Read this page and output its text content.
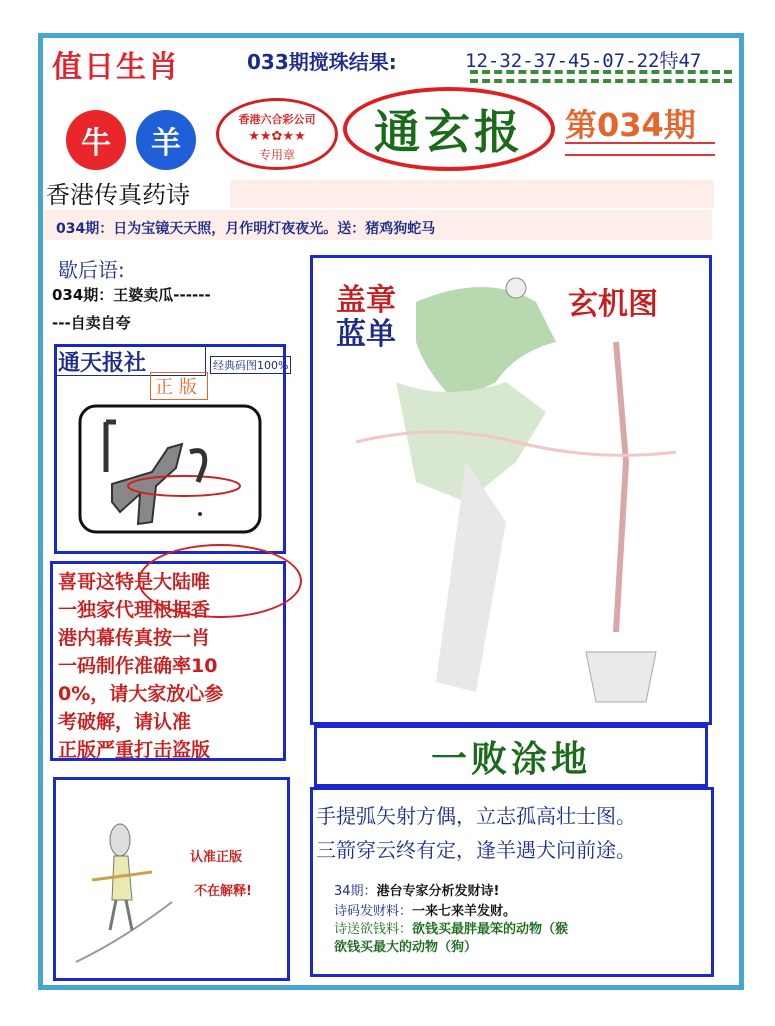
值日生肖	033期搅珠结果:	12-32-37-45-07-22特47
牛	羊
香港六合彩公司
★★✿★★
专用章	通玄报 第034期
香港传真药诗
034期：日为宝镜天天照，月作明灯夜夜光。送：猪鸡狗蛇马
歇后语:
034期：王婆卖瓜------
---自卖自夸
通天报社	经典码图100%
正版
喜哥这特是大陆唯
一独家代理根据香
港内幕传真按一肖
一码制作准确率10
0%，请大家放心参
考破解，请认准
正版严重打击盗版
认准正版
不在解释!
盖章
蓝单
玄机图
一败涂地
手提弧矢射方偶，立志孤高壮士图。
三箭穿云终有定，逢羊遇犬问前途。
34期：港台专家分析发财诗!
诗码发财料：一来七来羊发财。
诗送欲钱料：欲钱买最胖最笨的动物（猴
欲钱买最大的动物（狗）
